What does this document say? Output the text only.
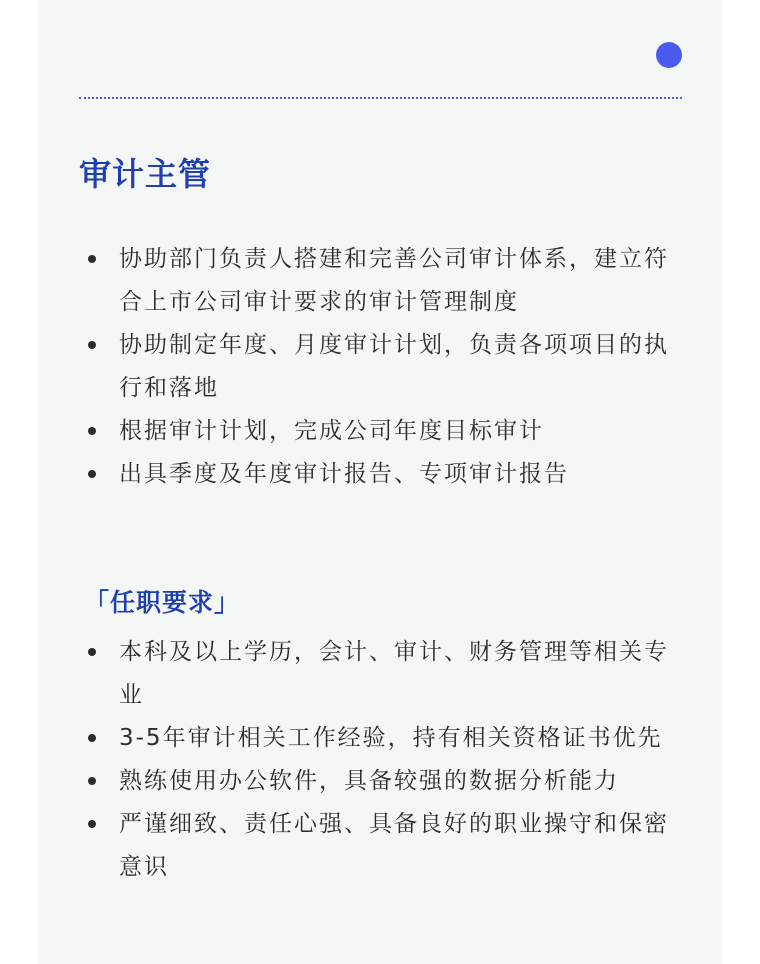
审计主管
协助部门负责人搭建和完善公司审计体系，建立符合上市公司审计要求的审计管理制度
协助制定年度、月度审计计划，负责各项项目的执行和落地
根据审计计划，完成公司年度目标审计
出具季度及年度审计报告、专项审计报告
「任职要求」
本科及以上学历，会计、审计、财务管理等相关专业
3-5年审计相关工作经验，持有相关资格证书优先
熟练使用办公软件，具备较强的数据分析能力
严谨细致、责任心强、具备良好的职业操守和保密意识
